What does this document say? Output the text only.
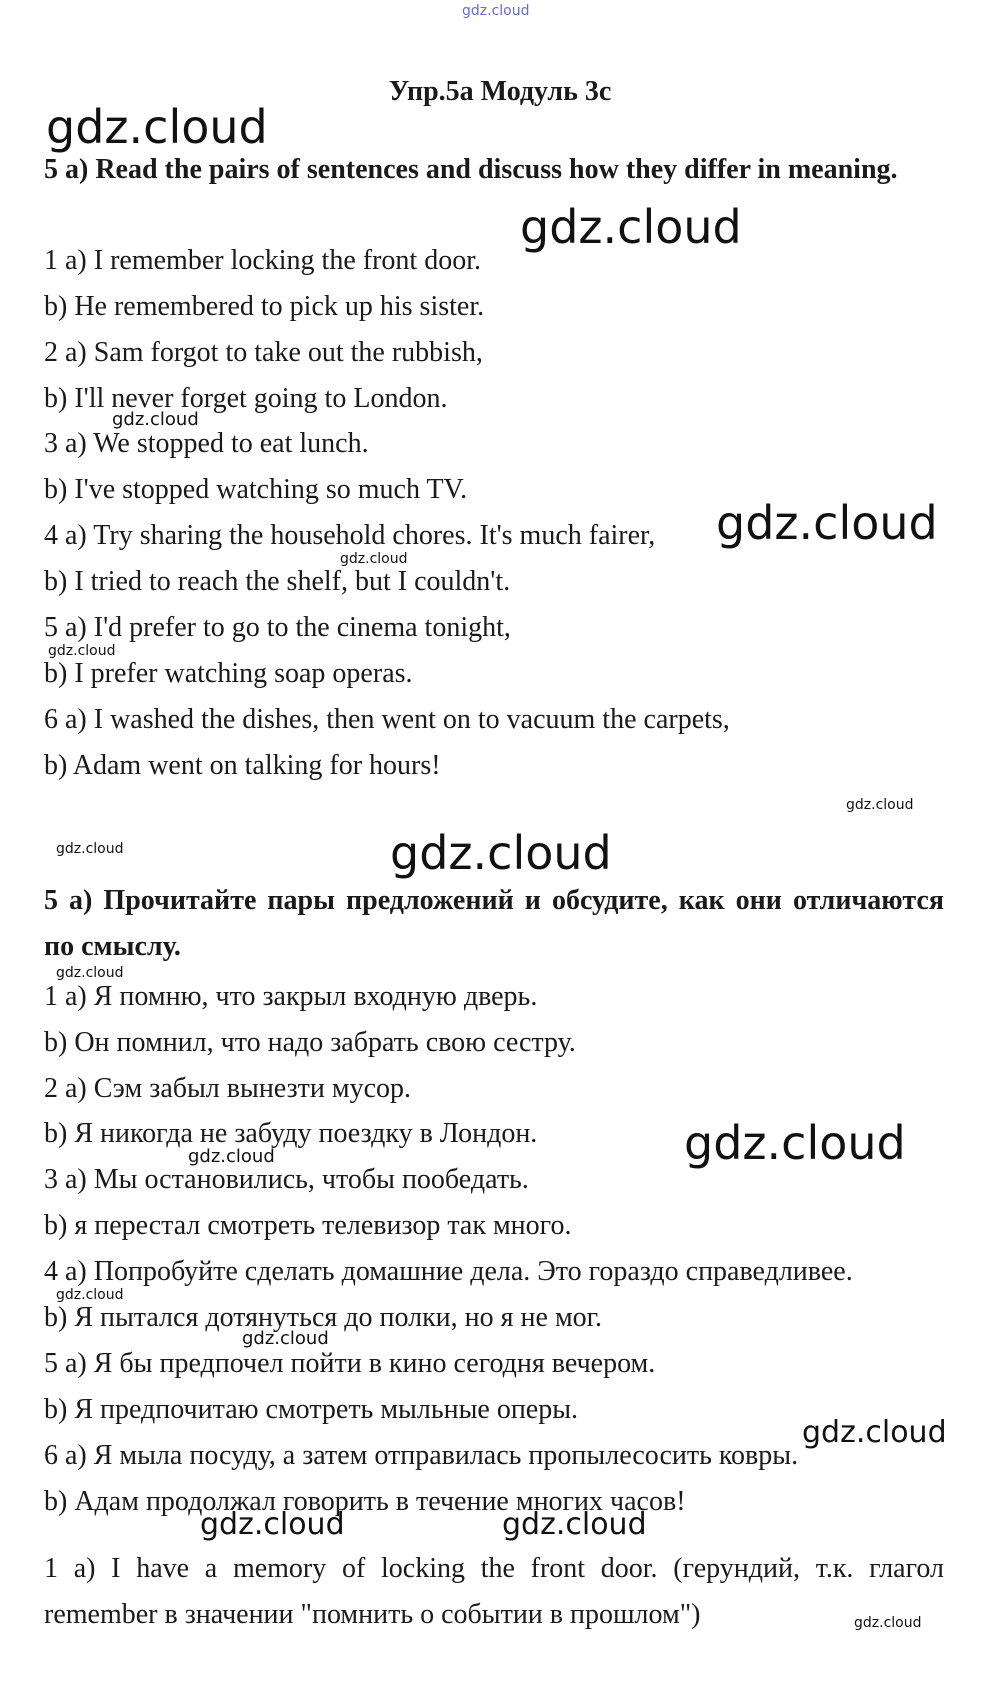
gdz.cloud
Упр.5а Модуль 3с
gdz.cloud
5 a) Read the pairs of sentences and discuss how they differ in meaning.
gdz.cloud
1 a) I remember locking the front door.
b) He remembered to pick up his sister.
2 a) Sam forgot to take out the rubbish,
b) I'll never forget going to London.
gdz.cloud
3 a) We stopped to eat lunch.
b) I've stopped watching so much TV.
4 a) Try sharing the household chores. It's much fairer,	gdz.cloud
gdz.cloud
b) I tried to reach the shelf, but I couldn't.
5 a) I'd prefer to go to the cinema tonight,
gdz.cloud
b) I prefer watching soap operas.
6 a) I washed the dishes, then went on to vacuum the carpets,
b) Adam went on talking for hours!
gdz.cloud
gdz.cloud	gdz.cloud
5 а) Прочитайте пары предложений и обсудите, как они отличаются по смыслу.
gdz.cloud
1 а) Я помню, что закрыл входную дверь.
b) Он помнил, что надо забрать свою сестру.
2 а) Сэм забыл вынезти мусор.
b) Я никогда не забуду поездку в Лондон.	gdz.cloud
gdz.cloud
3 а) Мы остановились, чтобы пообедать.
b) я перестал смотреть телевизор так много.
4 а) Попробуйте сделать домашние дела. Это гораздо справедливее.
gdz.cloud
b) Я пытался дотянуться до полки, но я не мог.
gdz.cloud
5 а) Я бы предпочел пойти в кино сегодня вечером.
b) Я предпочитаю смотреть мыльные оперы.
gdz.cloud
6 а) Я мыла посуду, а затем отправилась пропылесосить ковры.
b) Адам продолжал говорить в течение многих часов!
gdz.cloud	gdz.cloud
1 a) I have a memory of locking the front door. (герундий, т.к. глагол remember в значении "помнить о событии в прошлом")	gdz.cloud
